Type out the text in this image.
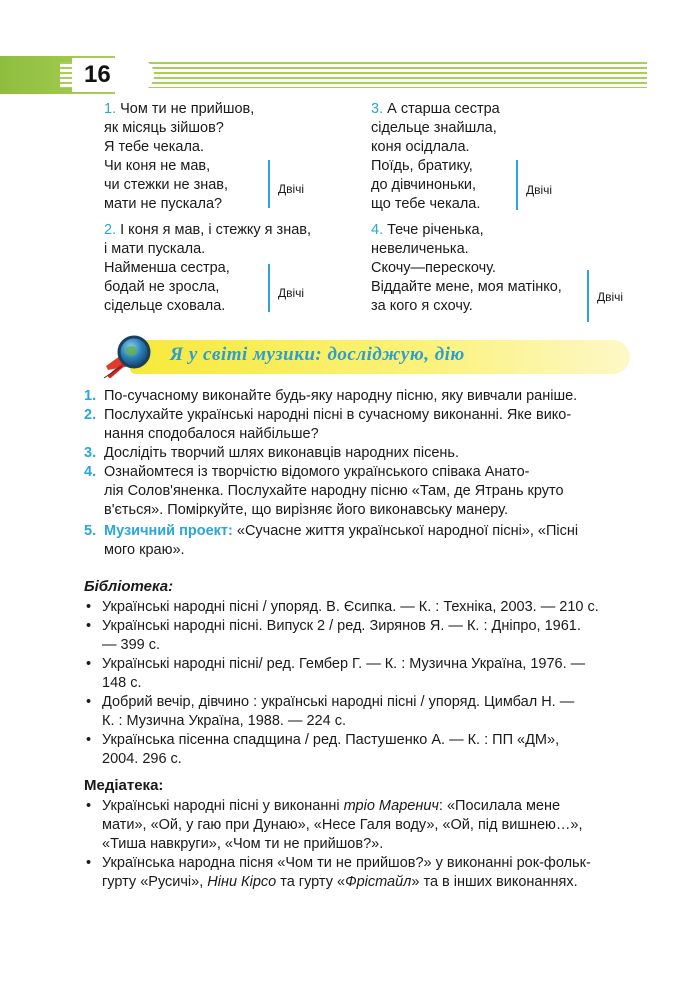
16
1. Чом ти не прийшов,
як місяць зійшов?
Я тебе чекала.
Чи коня не мав,
чи стежки не знав,
мати не пускала?
Двічі
2. І коня я мав, і стежку я знав,
і мати пускала.
Найменша сестра,
бодай не зросла,
сідельце сховала.
Двічі
3. А старша сестра
сідельце знайшла,
коня осідлала.
Поїдь, братику,
до дівчиноньки,
що тебе чекала.
Двічі
4. Тече річенька,
невеличенька.
Скочу—перескочу.
Віддайте мене, моя матінко,
за кого я схочу.
Двічі
Я у світі музики: досліджую, дію
1. По-сучасному виконайте будь-яку народну пісню, яку вивчали раніше.
2. Послухайте українські народні пісні в сучасному виконанні. Яке вико-
нання сподобалося найбільше?
3. Дослідіть творчий шлях виконавців народних пісень.
4. Ознайомтеся із творчістю відомого українського співака Анато-
лія Солов'яненка. Послухайте народну пісню «Там, де Ятрань круто
в'ється». Поміркуйте, що вирізняє його виконавську манеру.
5. Музичний проект: «Сучасне життя української народної пісні», «Пісні
мого краю».
Бібліотека:
• Українські народні пісні / упоряд. В. Єсипка. — К. : Техніка, 2003. — 210 с.
• Українські народні пісні. Випуск 2 / ред. Зирянов Я. — К. : Дніпро, 1961.
— 399 с.
• Українські народні пісні/ ред. Гембер Г. — К. : Музична Україна, 1976. —
148 с.
• Добрий вечір, дівчино : українські народні пісні / упоряд. Цимбал Н. —
К. : Музична Україна, 1988. — 224 с.
• Українська пісенна спадщина / ред. Пастушенко А. — К. : ПП «ДМ»,
2004. 296 с.
Медіатека:
• Українські народні пісні у виконанні тріо Маренич: «Посилала мене
мати», «Ой, у гаю при Дунаю», «Несе Галя воду», «Ой, під вишнею…»,
«Тиша навкруги», «Чом ти не прийшов?».
• Українська народна пісня «Чом ти не прийшов?» у виконанні рок-фольк-
гурту «Русичі», Ніни Кірсо та гурту «Фрістайл» та в інших виконаннях.
